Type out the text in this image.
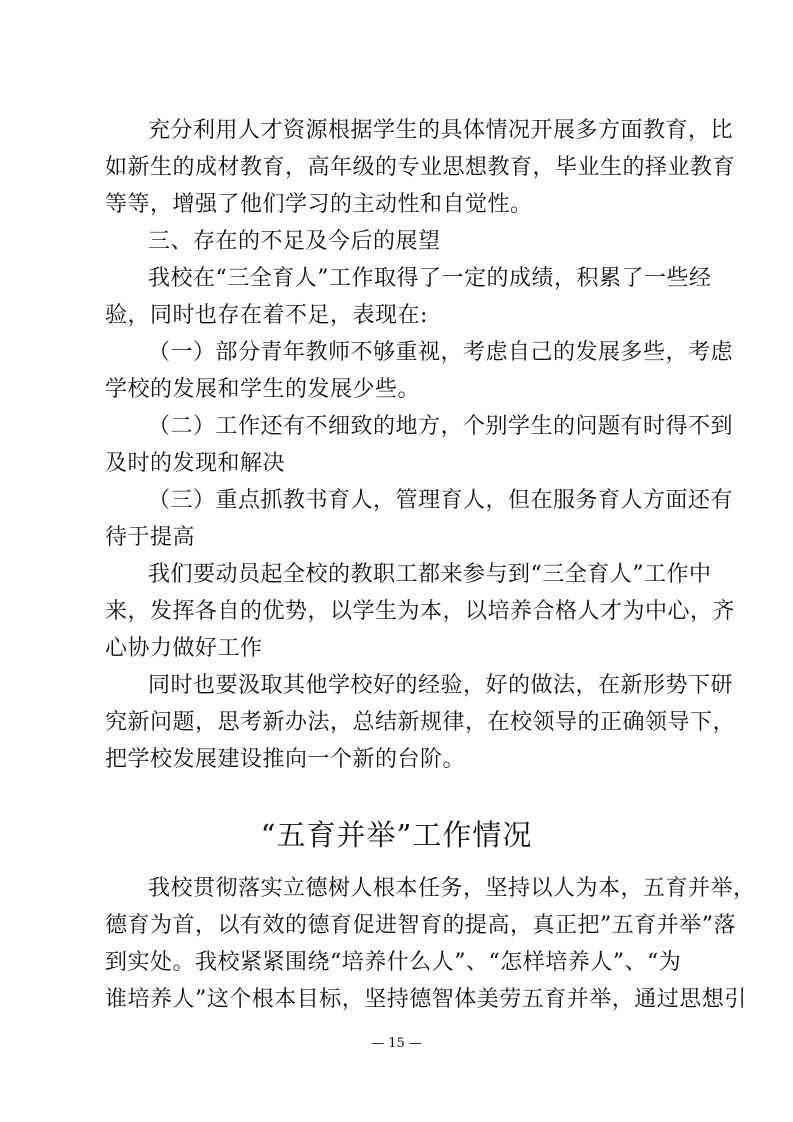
充分利用人才资源根据学生的具体情况开展多方面教育，比
如新生的成材教育，高年级的专业思想教育，毕业生的择业教育
等等，增强了他们学习的主动性和自觉性。
三、存在的不足及今后的展望
我校在“三全育人”工作取得了一定的成绩，积累了一些经
验，同时也存在着不足，表现在:
（一）部分青年教师不够重视，考虑自己的发展多些，考虑
学校的发展和学生的发展少些。
（二）工作还有不细致的地方，个别学生的问题有时得不到
及时的发现和解决
（三）重点抓教书育人，管理育人，但在服务育人方面还有
待于提高
我们要动员起全校的教职工都来参与到“三全育人”工作中
来，发挥各自的优势，以学生为本，以培养合格人才为中心，齐
心协力做好工作
同时也要汲取其他学校好的经验，好的做法，在新形势下研
究新问题，思考新办法，总结新规律，在校领导的正确领导下，
把学校发展建设推向一个新的台阶。
“五育并举”工作情况
我校贯彻落实立德树人根本任务，坚持以人为本，五育并举，
德育为首，以有效的德育促进智育的提高，真正把”五育并举”落
到实处。我校紧紧围绕“培养什么人”、“怎样培养人”、“为
谁培养人”这个根本目标，坚持德智体美劳五育并举，通过思想引
— 15 —
